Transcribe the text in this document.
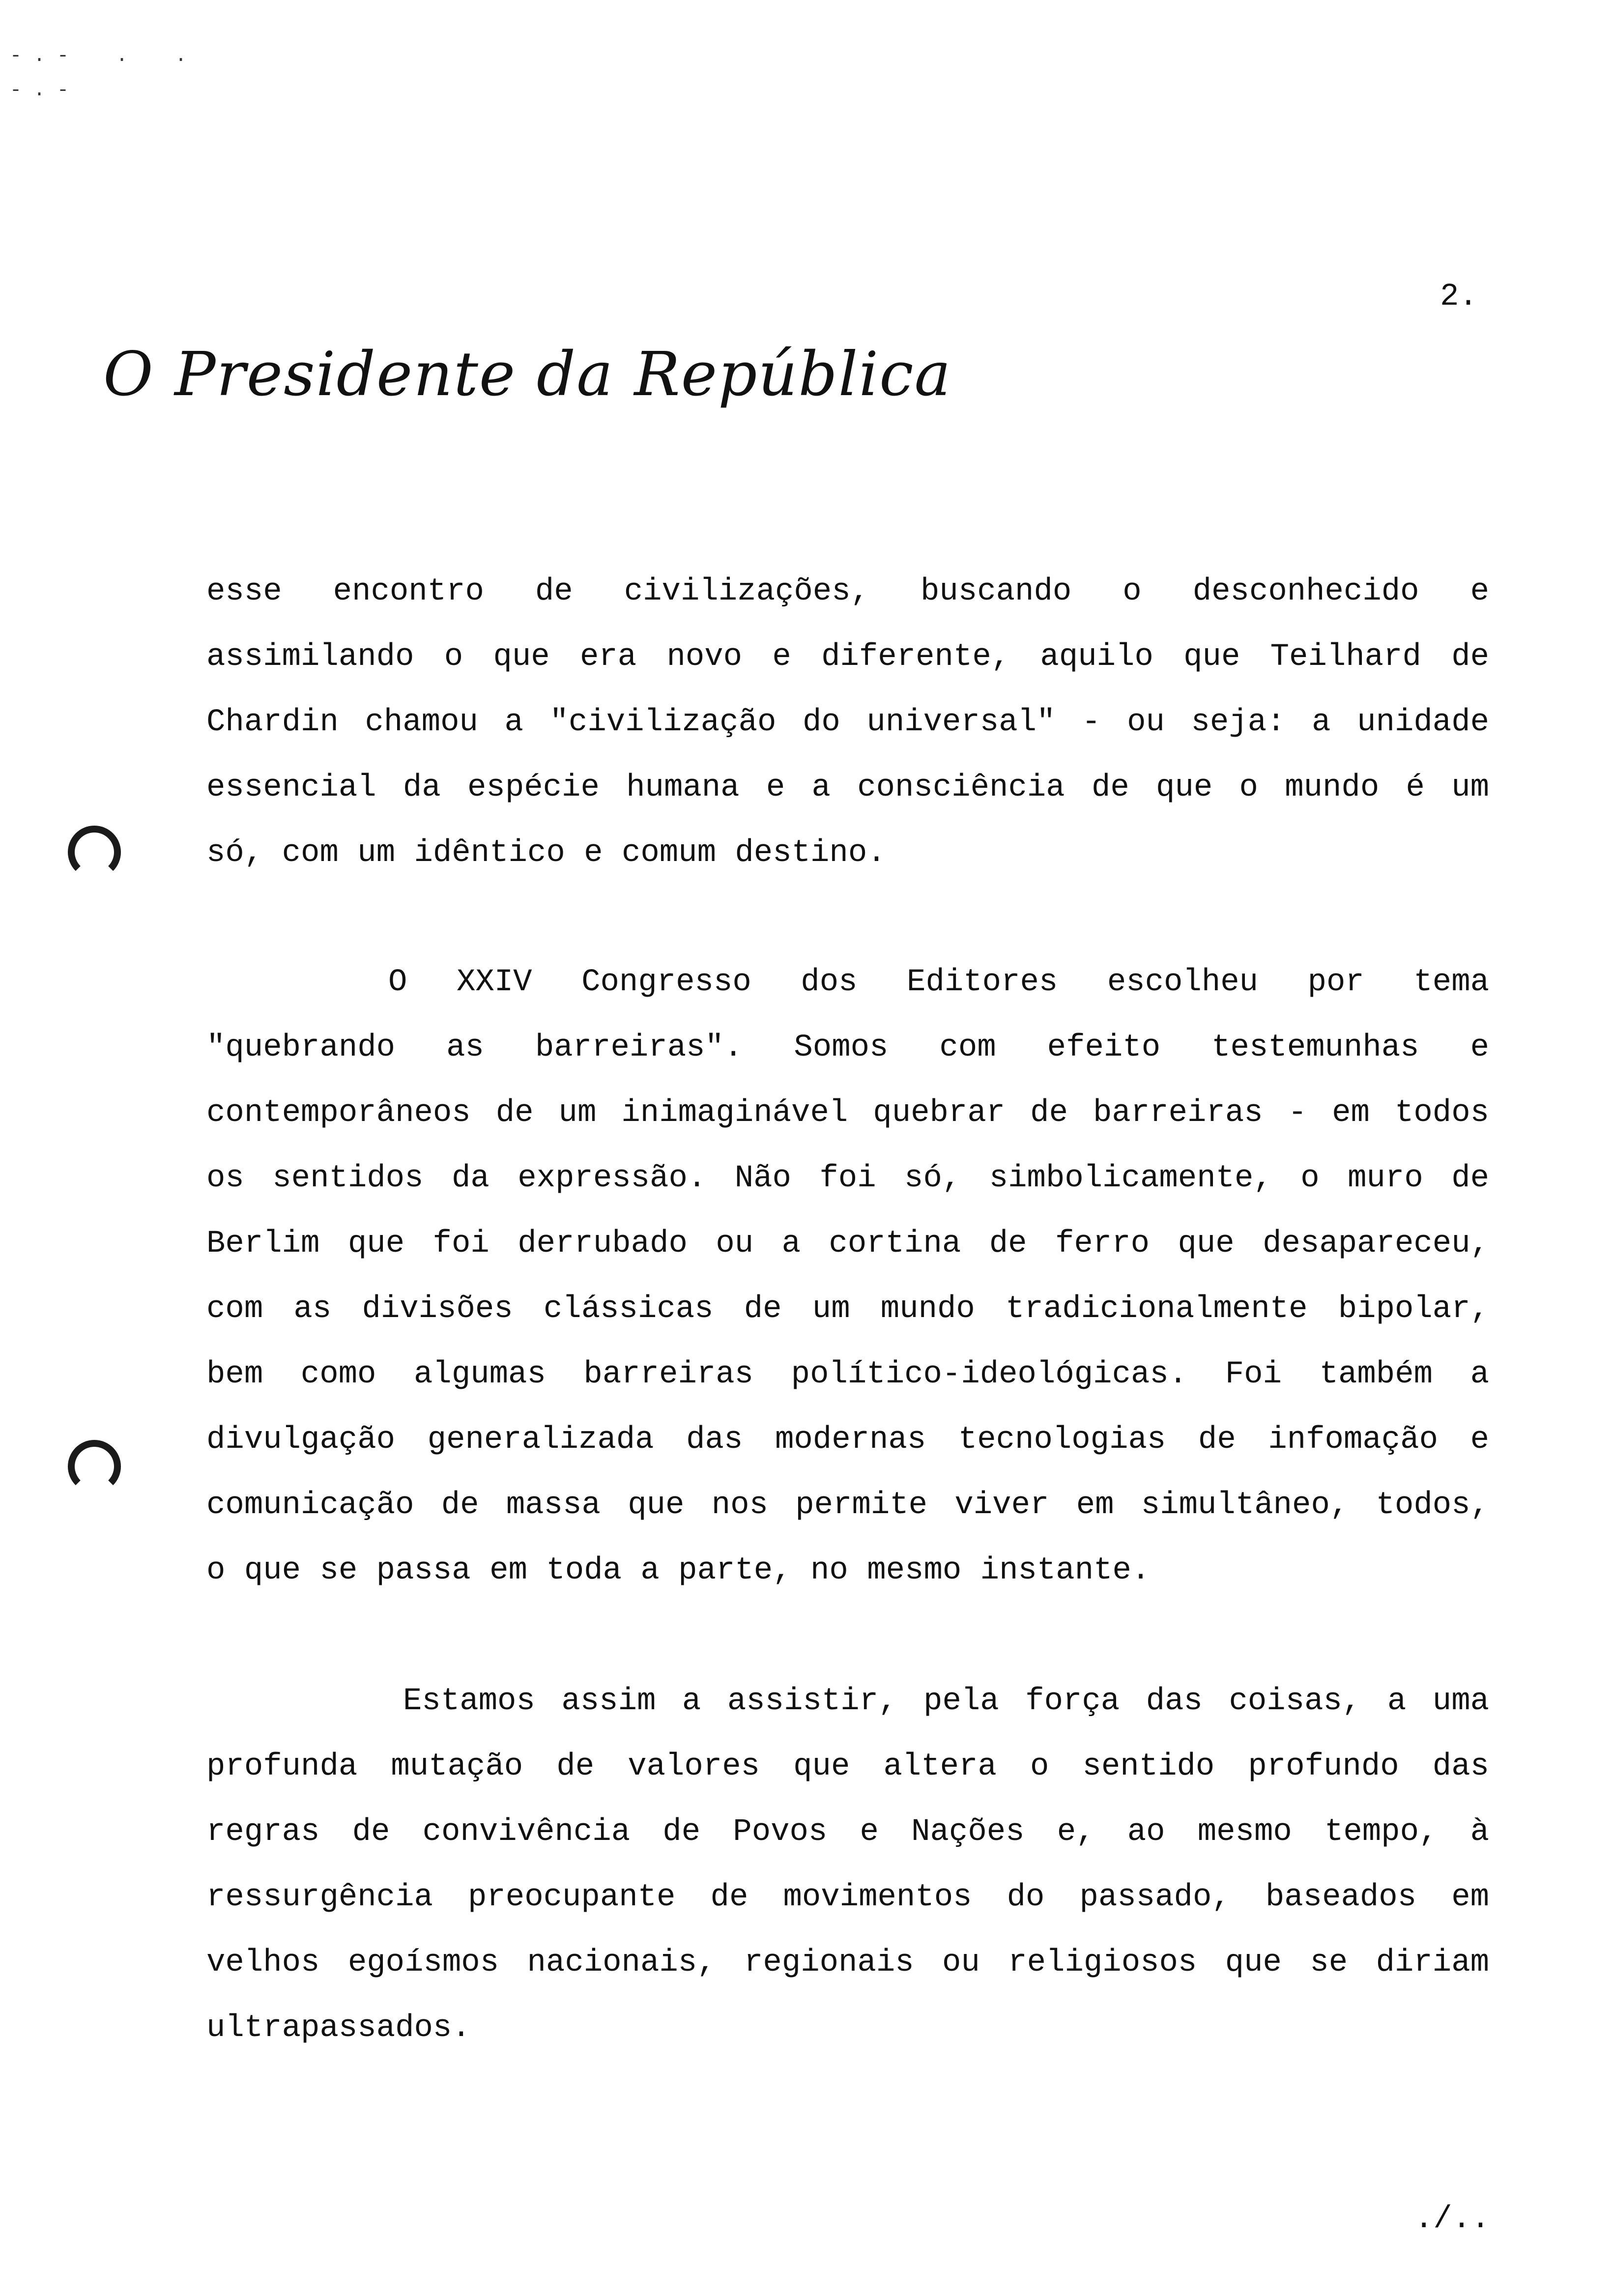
- . -    .    .
- . -
2.
O Presidente da República
esse encontro de civilizações, buscando o desconhecido e
assimilando o que era novo e diferente, aquilo que Teilhard de
Chardin chamou a "civilização do universal" - ou seja: a unidade
essencial da espécie humana e a consciência de que o mundo é um
só, com um idêntico e comum destino.
O XXIV Congresso dos Editores escolheu por tema
"quebrando as barreiras". Somos com efeito testemunhas e
contemporâneos de um inimaginável quebrar de barreiras - em todos
os sentidos da expressão. Não foi só, simbolicamente, o muro de
Berlim que foi derrubado ou a cortina de ferro que desapareceu,
com as divisões clássicas de um mundo tradicionalmente bipolar,
bem como algumas barreiras político-ideológicas. Foi também a
divulgação generalizada das modernas tecnologias de infomação e
comunicação de massa que nos permite viver em simultâneo, todos,
o que se passa em toda a parte, no mesmo instante.
Estamos assim a assistir, pela força das coisas, a uma
profunda mutação de valores que altera o sentido profundo das
regras de convivência de Povos e Nações e, ao mesmo tempo, à
ressurgência preocupante de movimentos do passado, baseados em
velhos egoísmos nacionais, regionais ou religiosos que se diriam
ultrapassados.
./..
